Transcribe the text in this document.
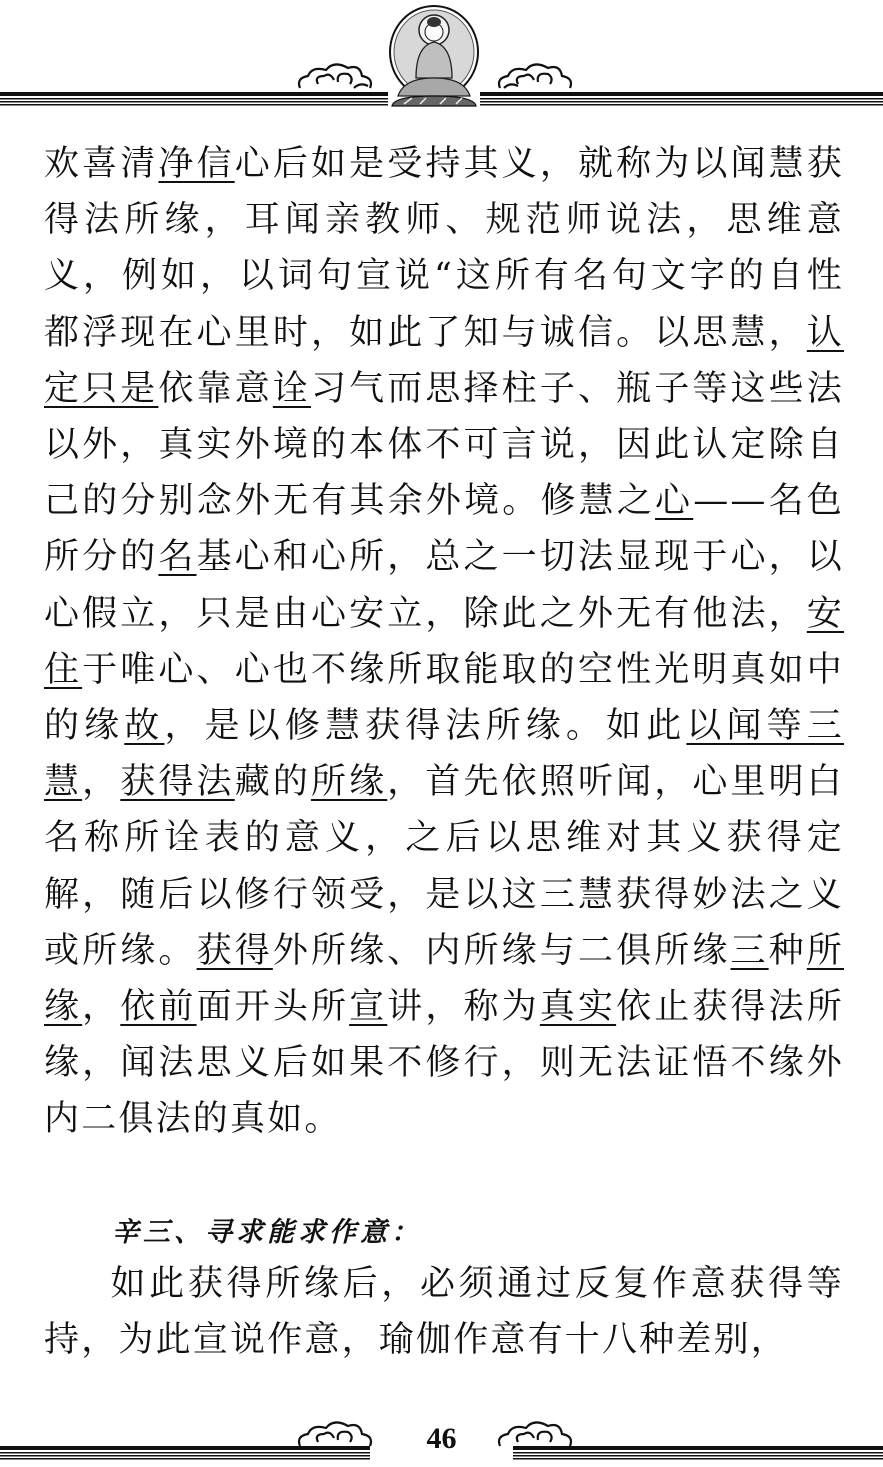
欢喜清净信心后如是受持其义，就称为以闻慧获得法所缘，耳闻亲教师、规范师说法，思维意义，例如，以词句宣说“这所有名句文字的自性都浮现在心里时，如此了知与诚信。以思慧，认定只是依靠意诠习气而思择柱子、瓶子等这些法以外，真实外境的本体不可言说，因此认定除自己的分别念外无有其余外境。修慧之心——名色所分的名基心和心所，总之一切法显现于心，以心假立，只是由心安立，除此之外无有他法，安住于唯心、心也不缘所取能取的空性光明真如中的缘故，是以修慧获得法所缘。如此以闻等三慧，获得法藏的所缘，首先依照听闻，心里明白名称所诠表的意义，之后以思维对其义获得定解，随后以修行领受，是以这三慧获得妙法之义或所缘。获得外所缘、内所缘与二俱所缘三种所缘，依前面开头所宣讲，称为真实依止获得法所缘，闻法思义后如果不修行，则无法证悟不缘外内二俱法的真如。

辛三、寻求能求作意：

如此获得所缘后，必须通过反复作意获得等持，为此宣说作意，瑜伽作意有十八种差别，

46
